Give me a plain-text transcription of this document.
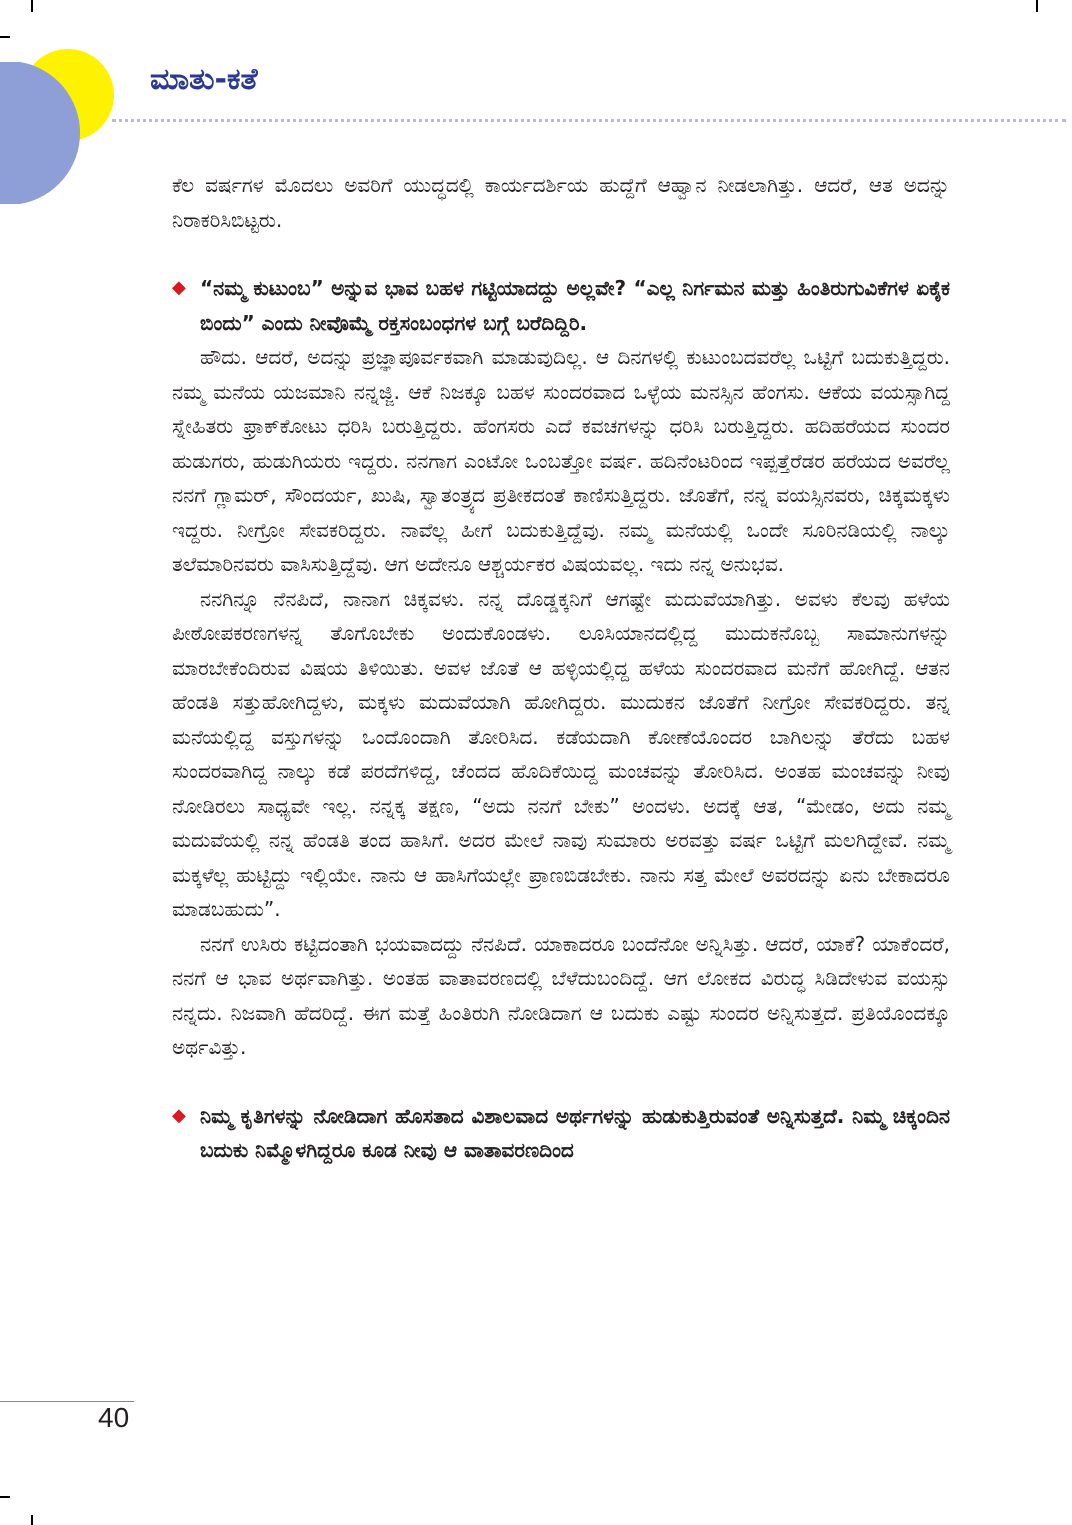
ಮಾತು-ಕತೆ

ಕೆಲ ವರ್ಷಗಳ ಮೊದಲು ಅವರಿಗೆ ಯುದ್ಧದಲ್ಲಿ ಕಾರ್ಯದರ್ಶಿಯ ಹುದ್ದೆಗೆ ಆಹ್ವಾನ ನೀಡಲಾಗಿತ್ತು. ಆದರೆ, ಆತ ಅದನ್ನು ನಿರಾಕರಿಸಿಬಿಟ್ಟರು.

◆ “ನಮ್ಮ ಕುಟುಂಬ” ಅನ್ನುವ ಭಾವ ಬಹಳ ಗಟ್ಟಿಯಾದದ್ದು ಅಲ್ಲವೇ? “ಎಲ್ಲ ನಿರ್ಗಮನ ಮತ್ತು ಹಿಂತಿರುಗುವಿಕೆಗಳ ಏಕೈಕ ಬಿಂದು” ಎಂದು ನೀವೊಮ್ಮೆ ರಕ್ತಸಂಬಂಧಗಳ ಬಗ್ಗೆ ಬರೆದಿದ್ದಿರಿ.

ಹೌದು. ಆದರೆ, ಅದನ್ನು ಪ್ರಜ್ಞಾಪೂರ್ವಕವಾಗಿ ಮಾಡುವುದಿಲ್ಲ. ಆ ದಿನಗಳಲ್ಲಿ ಕುಟುಂಬದವರೆಲ್ಲ ಒಟ್ಟಿಗೆ ಬದುಕುತ್ತಿದ್ದರು. ನಮ್ಮ ಮನೆಯ ಯಜಮಾನಿ ನನ್ನಜ್ಜಿ. ಆಕೆ ನಿಜಕ್ಕೂ ಬಹಳ ಸುಂದರವಾದ ಒಳ್ಳೆಯ ಮನಸ್ಸಿನ ಹೆಂಗಸು. ಆಕೆಯ ವಯಸ್ಸಾಗಿದ್ದ ಸ್ನೇಹಿತರು ಫ್ರಾಕ್‌ಕೋಟು ಧರಿಸಿ ಬರುತ್ತಿದ್ದರು. ಹೆಂಗಸರು ಎದೆ ಕವಚಗಳನ್ನು ಧರಿಸಿ ಬರುತ್ತಿದ್ದರು. ಹದಿಹರೆಯದ ಸುಂದರ ಹುಡುಗರು, ಹುಡುಗಿಯರು ಇದ್ದರು. ನನಗಾಗ ಎಂಟೋ ಒಂಬತ್ತೋ ವರ್ಷ. ಹದಿನೆಂಟರಿಂದ ಇಪ್ಪತ್ತೆರೆಡರ ಹರೆಯದ ಅವರೆಲ್ಲ ನನಗೆ ಗ್ಲಾಮರ್, ಸೌಂದರ್ಯ, ಖುಷಿ, ಸ್ವಾತಂತ್ರ್ಯದ ಪ್ರತೀಕದಂತೆ ಕಾಣಿಸುತ್ತಿದ್ದರು. ಜೊತೆಗೆ, ನನ್ನ ವಯಸ್ಸಿನವರು, ಚಿಕ್ಕಮಕ್ಕಳು ಇದ್ದರು. ನೀಗ್ರೋ ಸೇವಕರಿದ್ದರು. ನಾವೆಲ್ಲ ಹೀಗೆ ಬದುಕುತ್ತಿದ್ದೆವು. ನಮ್ಮ ಮನೆಯಲ್ಲಿ ಒಂದೇ ಸೂರಿನಡಿಯಲ್ಲಿ ನಾಲ್ಕು ತಲೆಮಾರಿನವರು ವಾಸಿಸುತ್ತಿದ್ದೆವು. ಆಗ ಅದೇನೂ ಆಶ್ಚರ್ಯಕರ ವಿಷಯವಲ್ಲ. ಇದು ನನ್ನ ಅನುಭವ.

ನನಗಿನ್ನೂ ನೆನಪಿದೆ, ನಾನಾಗ ಚಿಕ್ಕವಳು. ನನ್ನ ದೊಡ್ಡಕ್ಕನಿಗೆ ಆಗಷ್ಟೇ ಮದುವೆಯಾಗಿತ್ತು. ಅವಳು ಕೆಲವು ಹಳೆಯ ಪೀಠೋಪಕರಣಗಳನ್ನ ತೊಗೊಬೇಕು ಅಂದುಕೊಂಡಳು. ಲೂಸಿಯಾನದಲ್ಲಿದ್ದ ಮುದುಕನೊಬ್ಬ ಸಾಮಾನುಗಳನ್ನು ಮಾರಬೇಕೆಂದಿರುವ ವಿಷಯ ತಿಳಿಯಿತು. ಅವಳ ಜೊತೆ ಆ ಹಳ್ಳಿಯಲ್ಲಿದ್ದ ಹಳೆಯ ಸುಂದರವಾದ ಮನೆಗೆ ಹೋಗಿದ್ದೆ. ಆತನ ಹೆಂಡತಿ ಸತ್ತುಹೋಗಿದ್ದಳು, ಮಕ್ಕಳು ಮದುವೆಯಾಗಿ ಹೋಗಿದ್ದರು. ಮುದುಕನ ಜೊತೆಗೆ ನೀಗ್ರೋ ಸೇವಕರಿದ್ದರು. ತನ್ನ ಮನೆಯಲ್ಲಿದ್ದ ವಸ್ತುಗಳನ್ನು ಒಂದೊಂದಾಗಿ ತೋರಿಸಿದ. ಕಡೆಯದಾಗಿ ಕೋಣೆಯೊಂದರ ಬಾಗಿಲನ್ನು ತೆರೆದು ಬಹಳ ಸುಂದರವಾಗಿದ್ದ ನಾಲ್ಕು ಕಡೆ ಪರದೆಗಳಿದ್ದ, ಚೆಂದದ ಹೊದಿಕೆಯಿದ್ದ ಮಂಚವನ್ನು ತೋರಿಸಿದ. ಅಂತಹ ಮಂಚವನ್ನು ನೀವು ನೋಡಿರಲು ಸಾಧ್ಯವೇ ಇಲ್ಲ. ನನ್ನಕ್ಕ ತಕ್ಷಣ, “ಅದು ನನಗೆ ಬೇಕು” ಅಂದಳು. ಅದಕ್ಕೆ ಆತ, “ಮೇಡಂ, ಅದು ನಮ್ಮ ಮದುವೆಯಲ್ಲಿ ನನ್ನ ಹೆಂಡತಿ ತಂದ ಹಾಸಿಗೆ. ಅದರ ಮೇಲೆ ನಾವು ಸುಮಾರು ಅರವತ್ತು ವರ್ಷ ಒಟ್ಟಿಗೆ ಮಲಗಿದ್ದೇವೆ. ನಮ್ಮ ಮಕ್ಕಳೆಲ್ಲ ಹುಟ್ಟಿದ್ದು ಇಲ್ಲಿಯೇ. ನಾನು ಆ ಹಾಸಿಗೆಯಲ್ಲೇ ಪ್ರಾಣಬಿಡಬೇಕು. ನಾನು ಸತ್ತ ಮೇಲೆ ಅವರದನ್ನು ಏನು ಬೇಕಾದರೂ ಮಾಡಬಹುದು”.

ನನಗೆ ಉಸಿರು ಕಟ್ಟಿದಂತಾಗಿ ಭಯವಾದದ್ದು ನೆನಪಿದೆ. ಯಾಕಾದರೂ ಬಂದೆನೋ ಅನ್ನಿಸಿತ್ತು. ಆದರೆ, ಯಾಕೆ? ಯಾಕೆಂದರೆ, ನನಗೆ ಆ ಭಾವ ಅರ್ಥವಾಗಿತ್ತು. ಅಂತಹ ವಾತಾವರಣದಲ್ಲಿ ಬೆಳೆದುಬಂದಿದ್ದೆ. ಆಗ ಲೋಕದ ವಿರುದ್ಧ ಸಿಡಿದೇಳುವ ವಯಸ್ಸು ನನ್ನದು. ನಿಜವಾಗಿ ಹೆದರಿದ್ದೆ. ಈಗ ಮತ್ತೆ ಹಿಂತಿರುಗಿ ನೋಡಿದಾಗ ಆ ಬದುಕು ಎಷ್ಟು ಸುಂದರ ಅನ್ನಿಸುತ್ತದೆ. ಪ್ರತಿಯೊಂದಕ್ಕೂ ಅರ್ಥವಿತ್ತು.

◆ ನಿಮ್ಮ ಕೃತಿಗಳನ್ನು ನೋಡಿದಾಗ ಹೊಸತಾದ ವಿಶಾಲವಾದ ಅರ್ಥಗಳನ್ನು ಹುಡುಕುತ್ತಿರುವಂತೆ ಅನ್ನಿಸುತ್ತದೆ. ನಿಮ್ಮ ಚಿಕ್ಕಂದಿನ ಬದುಕು ನಿಮ್ಮೊಳಗಿದ್ದರೂ ಕೂಡ ನೀವು ಆ ವಾತಾವರಣದಿಂದ
40
